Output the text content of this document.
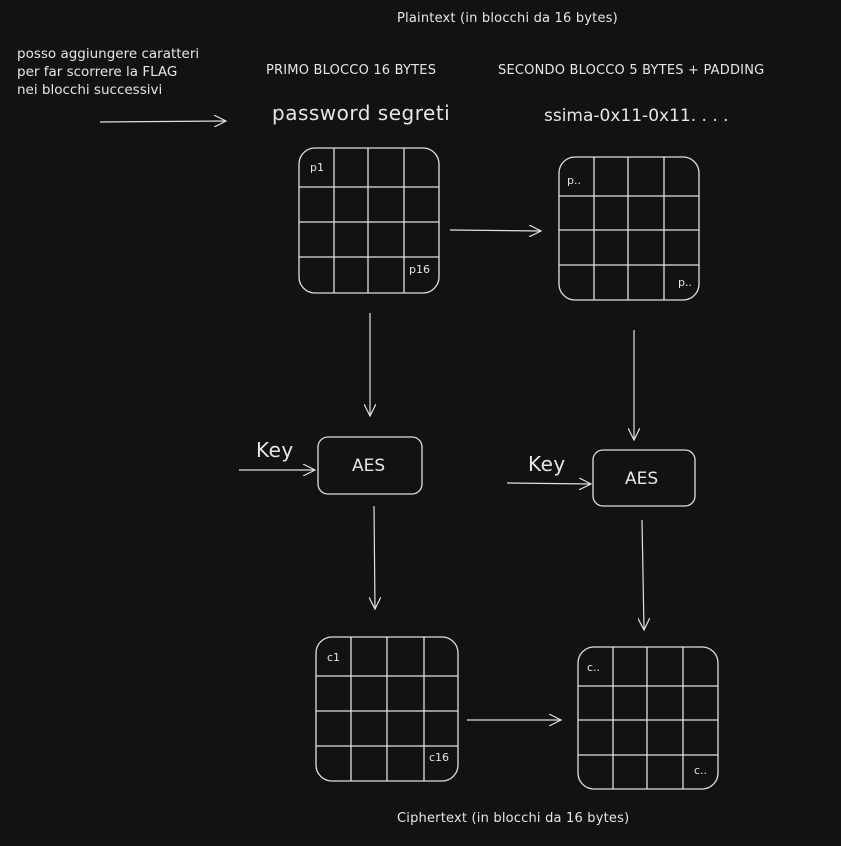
Plaintext (in blocchi da 16 bytes)
posso aggiungere caratteri
per far scorrere la FLAG
nei blocchi successivi
PRIMO BLOCCO 16 BYTES	SECONDO BLOCCO 5 BYTES + PADDING
password segreti	ssima-0x11-0x11. . . .
p1
p16
p..
p..
Key
Key
AES
AES
c1
c16
c..
c..
Ciphertext (in blocchi da 16 bytes)
